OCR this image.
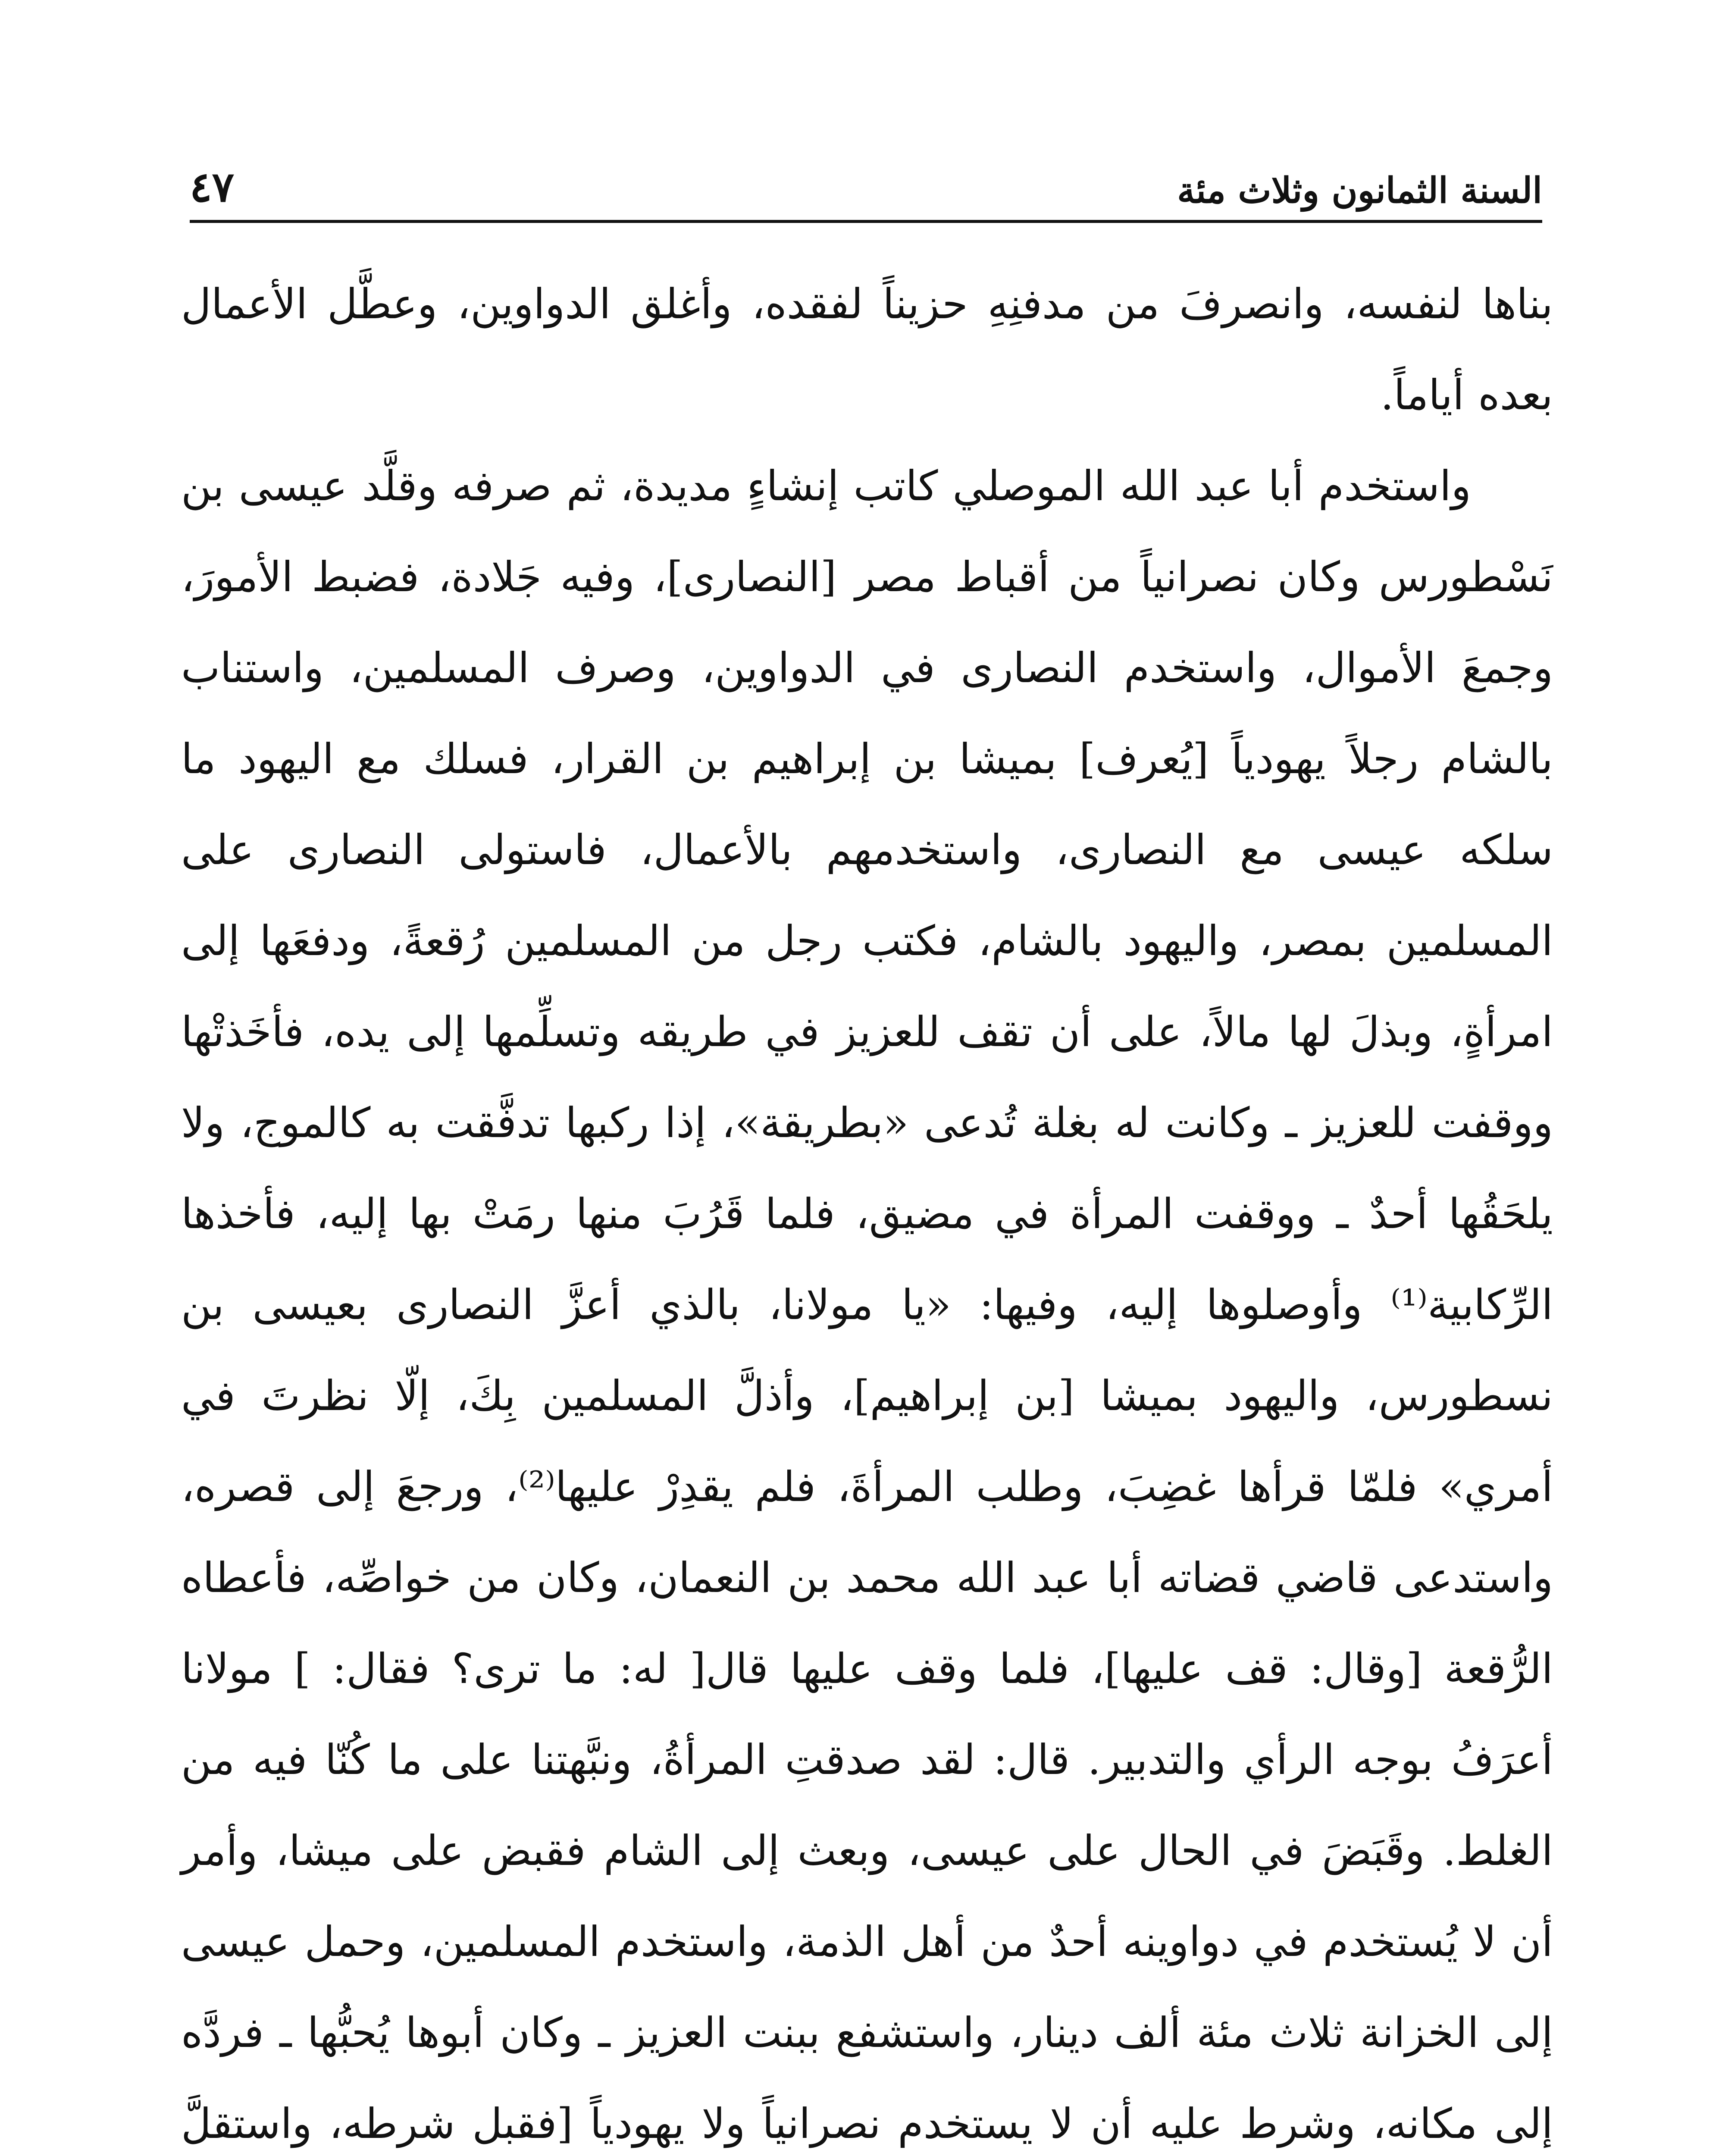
السنة الثمانون وثلاث مئة
٤٧

بناها لنفسه، وانصرفَ من مدفنِهِ حزيناً لفقده، وأغلق الدواوين، وعطَّل الأعمال بعده أياماً.

واستخدم أبا عبد الله الموصلي كاتب إنشاءٍ مديدة، ثم صرفه وقلَّد عيسى بن نَسْطورس وكان نصرانياً من أقباط مصر [النصارى]، وفيه جَلادة، فضبط الأمورَ، وجمعَ الأموال، واستخدم النصارى في الدواوين، وصرف المسلمين، واستناب بالشام رجلاً يهودياً [يُعرف] بميشا بن إبراهيم بن القرار، فسلك مع اليهود ما سلكه عيسى مع النصارى، واستخدمهم بالأعمال، فاستولى النصارى على المسلمين بمصر، واليهود بالشام، فكتب رجل من المسلمين رُقعةً، ودفعَها إلى امرأةٍ، وبذلَ لها مالاً، على أن تقف للعزيز في طريقه وتسلِّمها إلى يده، فأخَذتْها ووقفت للعزيز ـ وكانت له بغلة تُدعى «بطريقة»، إذا ركبها تدفَّقت به كالموج، ولا يلحَقُها أحدٌ ـ ووقفت المرأة في مضيق، فلما قَرُبَ منها رمَتْ بها إليه، فأخذها الرِّكابية⁽¹⁾ وأوصلوها إليه، وفيها: «يا مولانا، بالذي أعزَّ النصارى بعيسى بن نسطورس، واليهود بميشا [بن إبراهيم]، وأذلَّ المسلمين بِكَ، إلّا نظرتَ في أمري» فلمّا قرأها غضِبَ، وطلب المرأةَ، فلم يقدِرْ عليها⁽²⁾، ورجعَ إلى قصره، واستدعى قاضي قضاته أبا عبد الله محمد بن النعمان، وكان من خواصِّه، فأعطاه الرُّقعة [وقال: قف عليها]، فلما وقف عليها قال[ له: ما ترى؟ فقال: ] مولانا أعرَفُ بوجه الرأي والتدبير. قال: لقد صدقتِ المرأةُ، ونبَّهتنا على ما كُنّا فيه من الغلط. وقَبَضَ في الحال على عيسى، وبعث إلى الشام فقبض على ميشا، وأمر أن لا يُستخدم في دواوينه أحدٌ من أهل الذمة، واستخدم المسلمين، وحمل عيسى إلى الخزانة ثلاث مئة ألف دينار، واستشفع ببنت العزيز ـ وكان أبوها يُحبُّها ـ فردَّه إلى مكانه، وشرط عليه أن لا يستخدم نصرانياً ولا يهودياً [فقبل شرطه، واستقلَّ
